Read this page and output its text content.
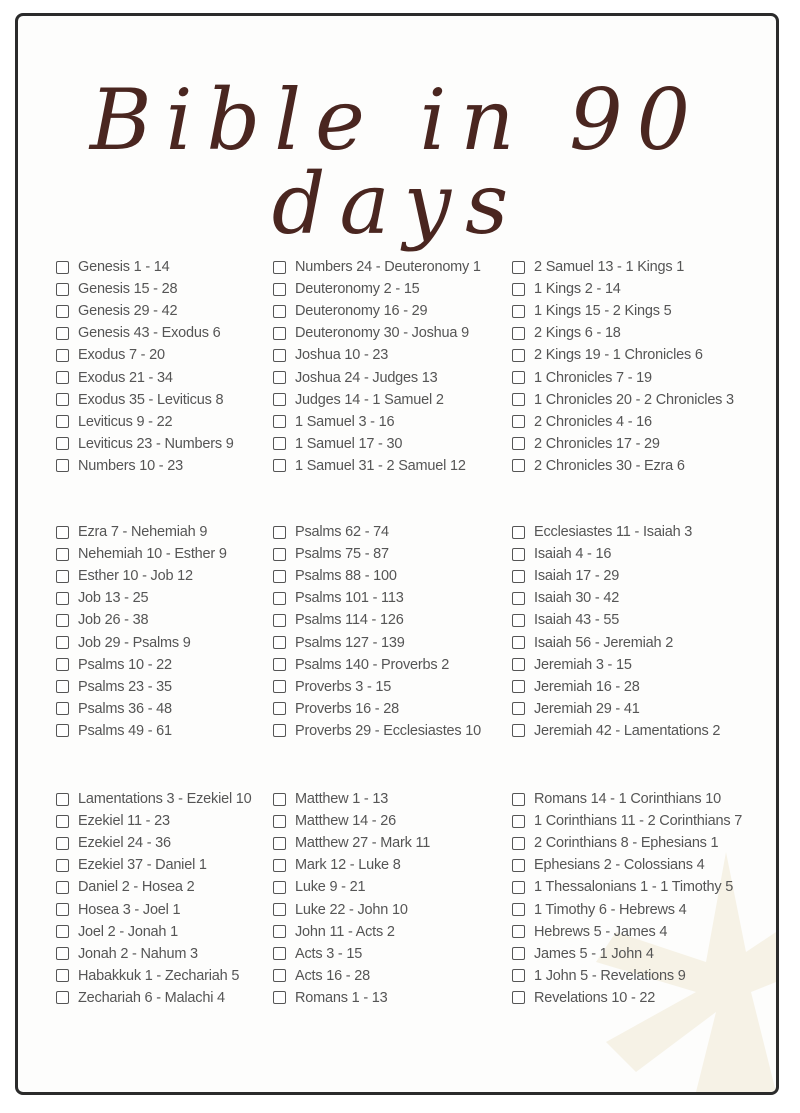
Bible in 90 days
Genesis 1 - 14
Genesis 15 - 28
Genesis 29 - 42
Genesis 43 - Exodus 6
Exodus 7 - 20
Exodus 21 - 34
Exodus 35 - Leviticus 8
Leviticus 9 - 22
Leviticus 23 - Numbers 9
Numbers 10 - 23
Numbers 24 - Deuteronomy 1
Deuteronomy 2 - 15
Deuteronomy 16 - 29
Deuteronomy 30 - Joshua 9
Joshua 10 - 23
Joshua 24 - Judges 13
Judges 14 - 1 Samuel 2
1 Samuel 3 - 16
1 Samuel 17 - 30
1 Samuel 31 - 2 Samuel 12
2 Samuel 13 - 1 Kings 1
1 Kings 2 - 14
1 Kings 15 - 2 Kings 5
2 Kings 6 - 18
2 Kings 19 - 1 Chronicles 6
1 Chronicles 7 - 19
1 Chronicles 20 - 2 Chronicles 3
2 Chronicles 4 - 16
2 Chronicles 17 - 29
2 Chronicles 30 - Ezra 6
Ezra 7 - Nehemiah 9
Nehemiah 10 - Esther 9
Esther 10 - Job 12
Job 13 - 25
Job 26 - 38
Job 29 - Psalms 9
Psalms 10 - 22
Psalms 23 - 35
Psalms 36 - 48
Psalms 49 - 61
Psalms 62 - 74
Psalms 75 - 87
Psalms 88 - 100
Psalms 101 - 113
Psalms 114 - 126
Psalms 127 - 139
Psalms 140 - Proverbs 2
Proverbs 3 - 15
Proverbs 16 - 28
Proverbs 29 - Ecclesiastes 10
Ecclesiastes 11 - Isaiah 3
Isaiah 4 - 16
Isaiah 17 - 29
Isaiah 30 - 42
Isaiah 43 - 55
Isaiah 56 - Jeremiah 2
Jeremiah 3 - 15
Jeremiah 16 - 28
Jeremiah 29 - 41
Jeremiah 42 - Lamentations 2
Lamentations 3 - Ezekiel 10
Ezekiel 11 - 23
Ezekiel 24 - 36
Ezekiel 37 - Daniel 1
Daniel 2 - Hosea 2
Hosea 3 - Joel 1
Joel 2 - Jonah 1
Jonah 2 - Nahum 3
Habakkuk 1 - Zechariah 5
Zechariah 6 - Malachi 4
Matthew 1 - 13
Matthew 14 - 26
Matthew 27 - Mark 11
Mark 12 - Luke 8
Luke 9 - 21
Luke 22 - John 10
John 11 - Acts 2
Acts 3 - 15
Acts 16 - 28
Romans 1 - 13
Romans 14 - 1 Corinthians 10
1 Corinthians 11 - 2 Corinthians 7
2 Corinthians 8 - Ephesians 1
Ephesians 2 - Colossians 4
1 Thessalonians 1 - 1 Timothy 5
1 Timothy 6 - Hebrews 4
Hebrews 5 - James 4
James 5 - 1 John 4
1 John 5 - Revelations 9
Revelations 10 - 22
